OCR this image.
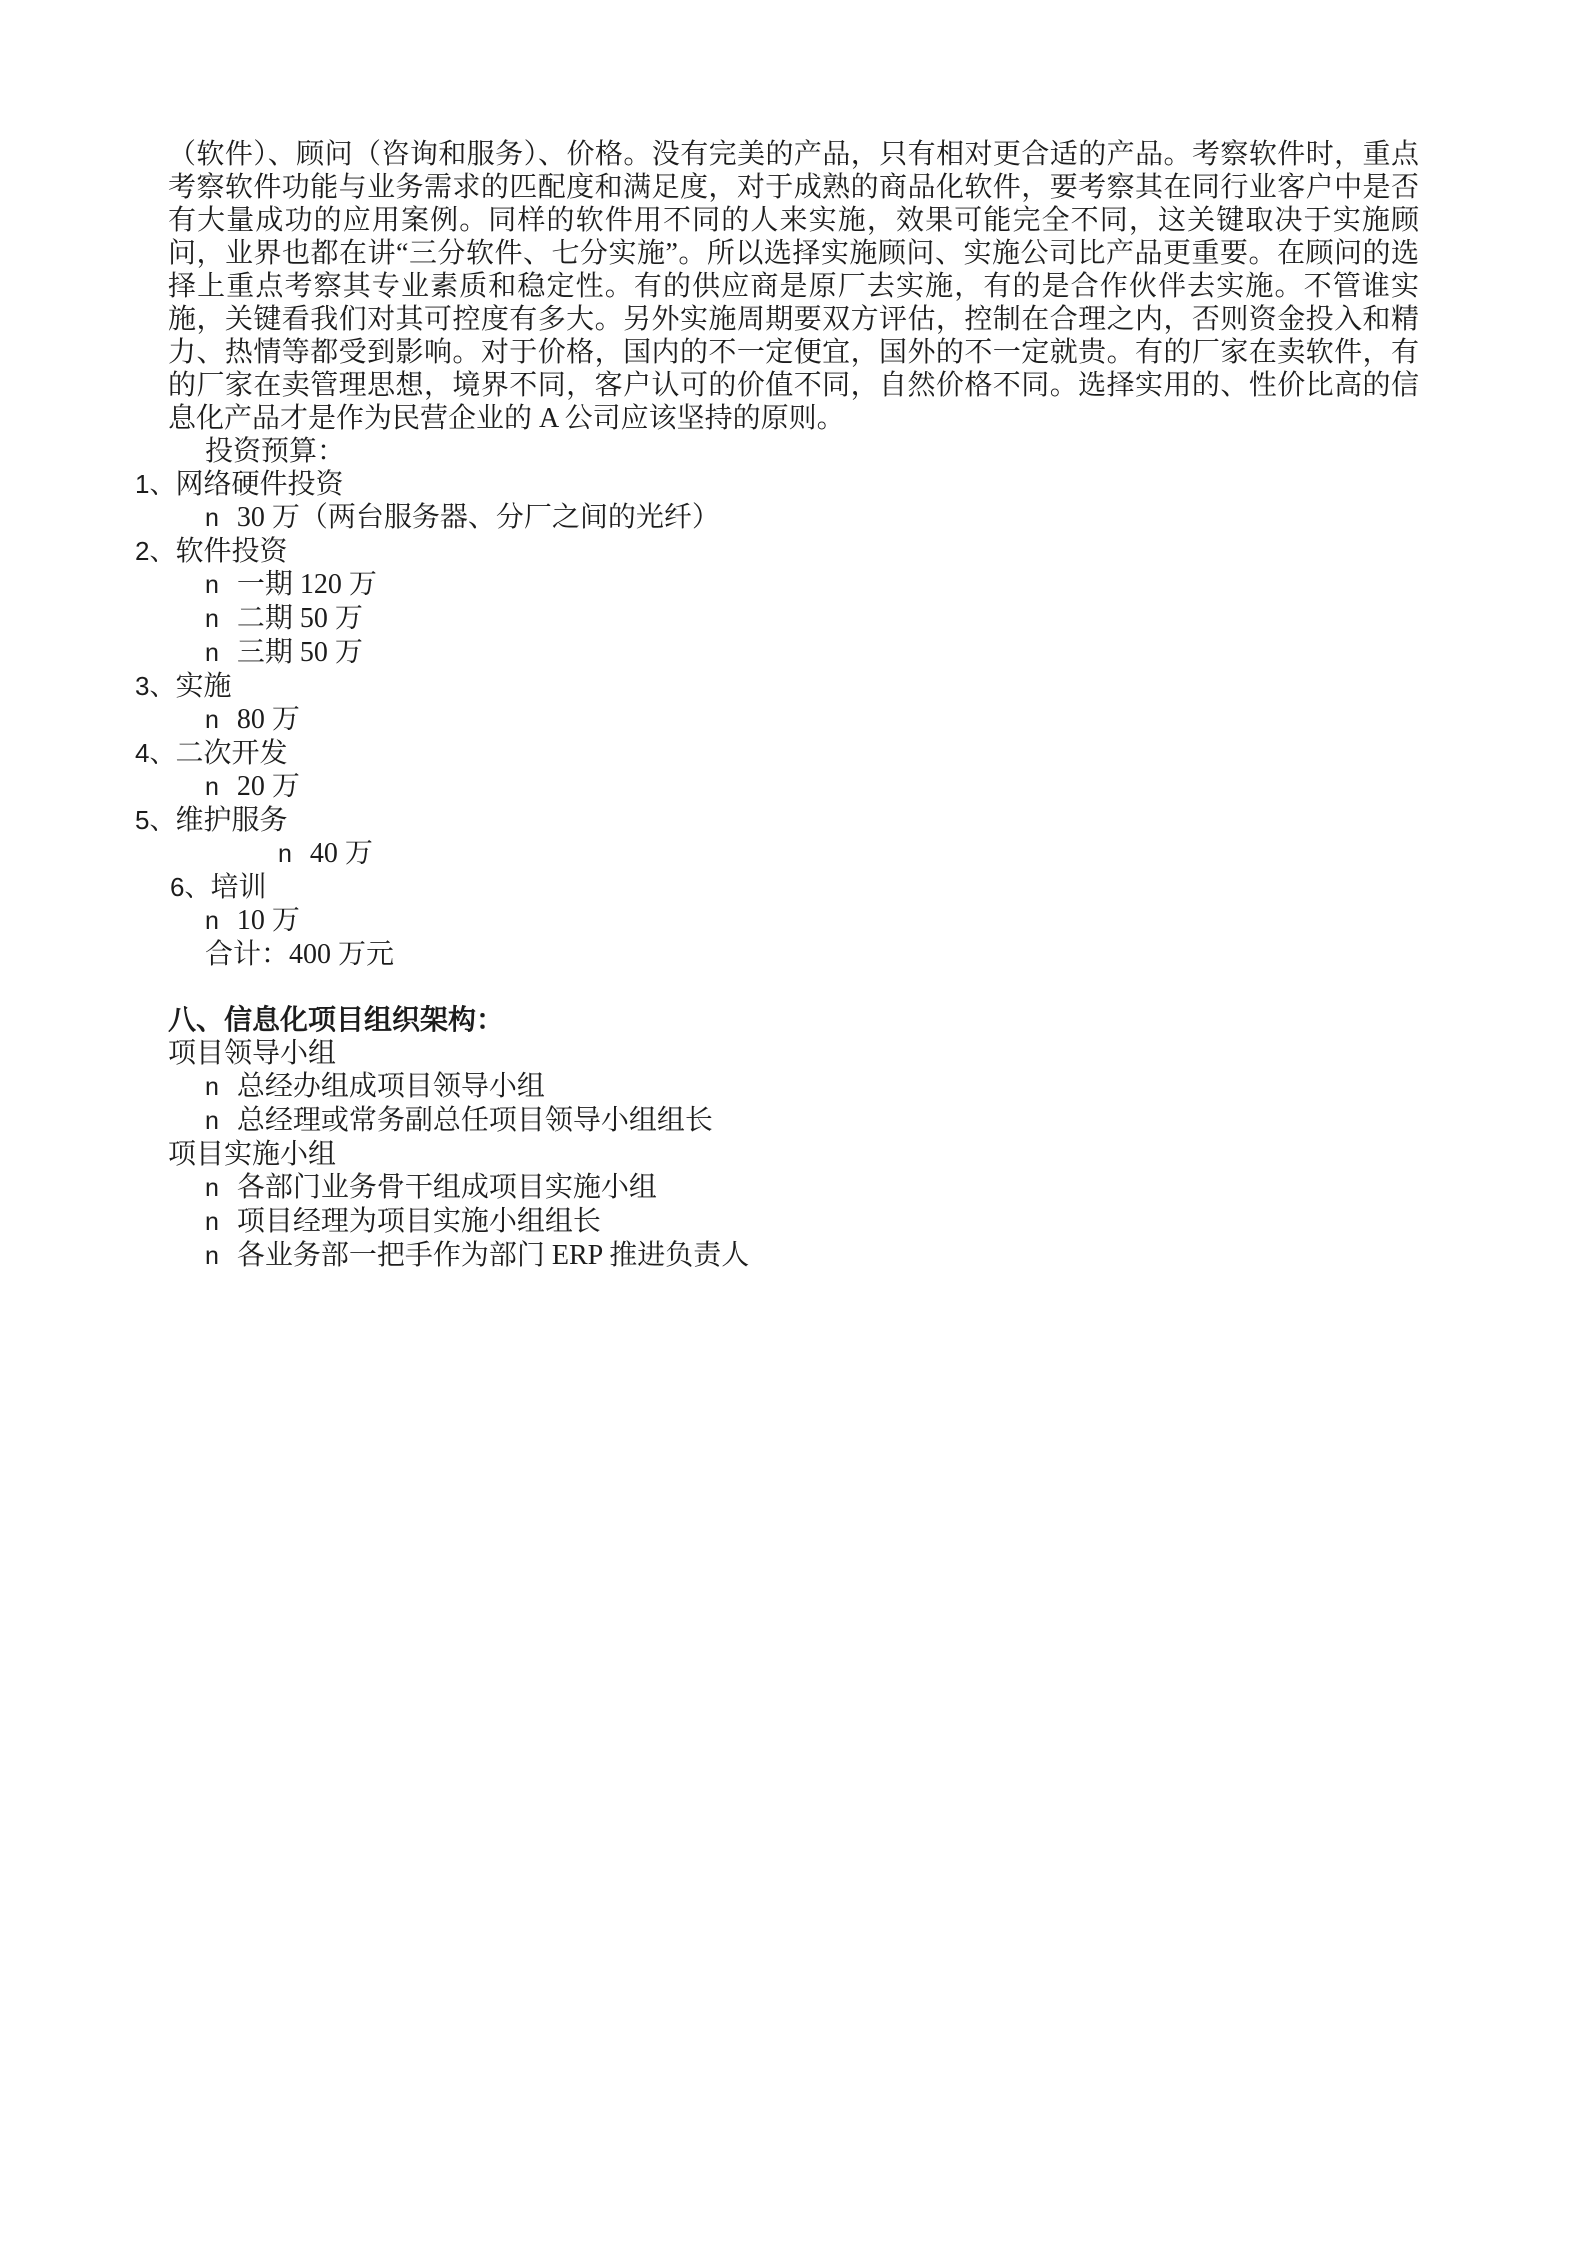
（软件）、顾问（咨询和服务）、价格。没有完美的产品，只有相对更合适的产品。考察软件时，重点考察软件功能与业务需求的匹配度和满足度，对于成熟的商品化软件，要考察其在同行业客户中是否有大量成功的应用案例。同样的软件用不同的人来实施，效果可能完全不同，这关键取决于实施顾问，业界也都在讲“三分软件、七分实施”。所以选择实施顾问、实施公司比产品更重要。在顾问的选择上重点考察其专业素质和稳定性。有的供应商是原厂去实施，有的是合作伙伴去实施。不管谁实施，关键看我们对其可控度有多大。另外实施周期要双方评估，控制在合理之内，否则资金投入和精力、热情等都受到影响。对于价格，国内的不一定便宜，国外的不一定就贵。有的厂家在卖软件，有的厂家在卖管理思想，境界不同，客户认可的价值不同，自然价格不同。选择实用的、性价比高的信息化产品才是作为民营企业的 A 公司应该坚持的原则。

投资预算：
1、 网络硬件投资
n 30 万（两台服务器、分厂之间的光纤）
2、 软件投资
n 一期 120 万
n 二期 50 万
n 三期 50 万
3、 实施
n 80 万
4、 二次开发
n 20 万
5、 维护服务
n 40 万
6、 培训
n 10 万
合计：400 万元
八、信息化项目组织架构：
项目领导小组
n 总经办组成项目领导小组
n 总经理或常务副总任项目领导小组组长
项目实施小组
n 各部门业务骨干组成项目实施小组
n 项目经理为项目实施小组组长
n 各业务部一把手作为部门 ERP 推进负责人
